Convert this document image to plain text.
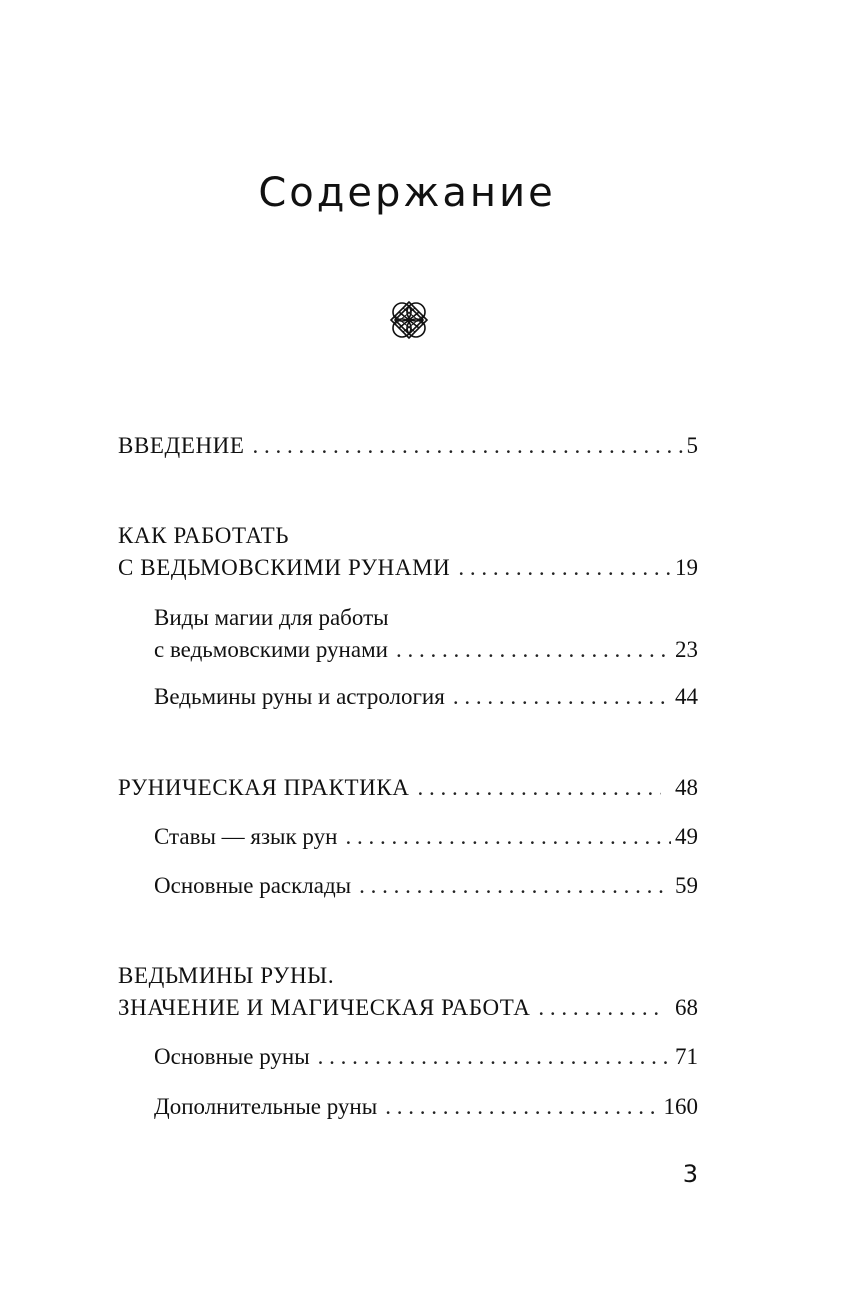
Содержание
ВВЕДЕНИЕ . . .	5
КАК РАБОТАТЬ
С ВЕДЬМОВСКИМИ РУНАМИ . . .	19
Виды магии для работы
с ведьмовскими рунами . . .	23
Ведьмины руны и астрология . . .	44
РУНИЧЕСКАЯ ПРАКТИКА . . .	48
Ставы — язык рун . . .	49
Основные расклады . . .	59
ВЕДЬМИНЫ РУНЫ.
ЗНАЧЕНИЕ И МАГИЧЕСКАЯ РАБОТА . . .	68
Основные руны . . .	71
Дополнительные руны . . .	160
3
